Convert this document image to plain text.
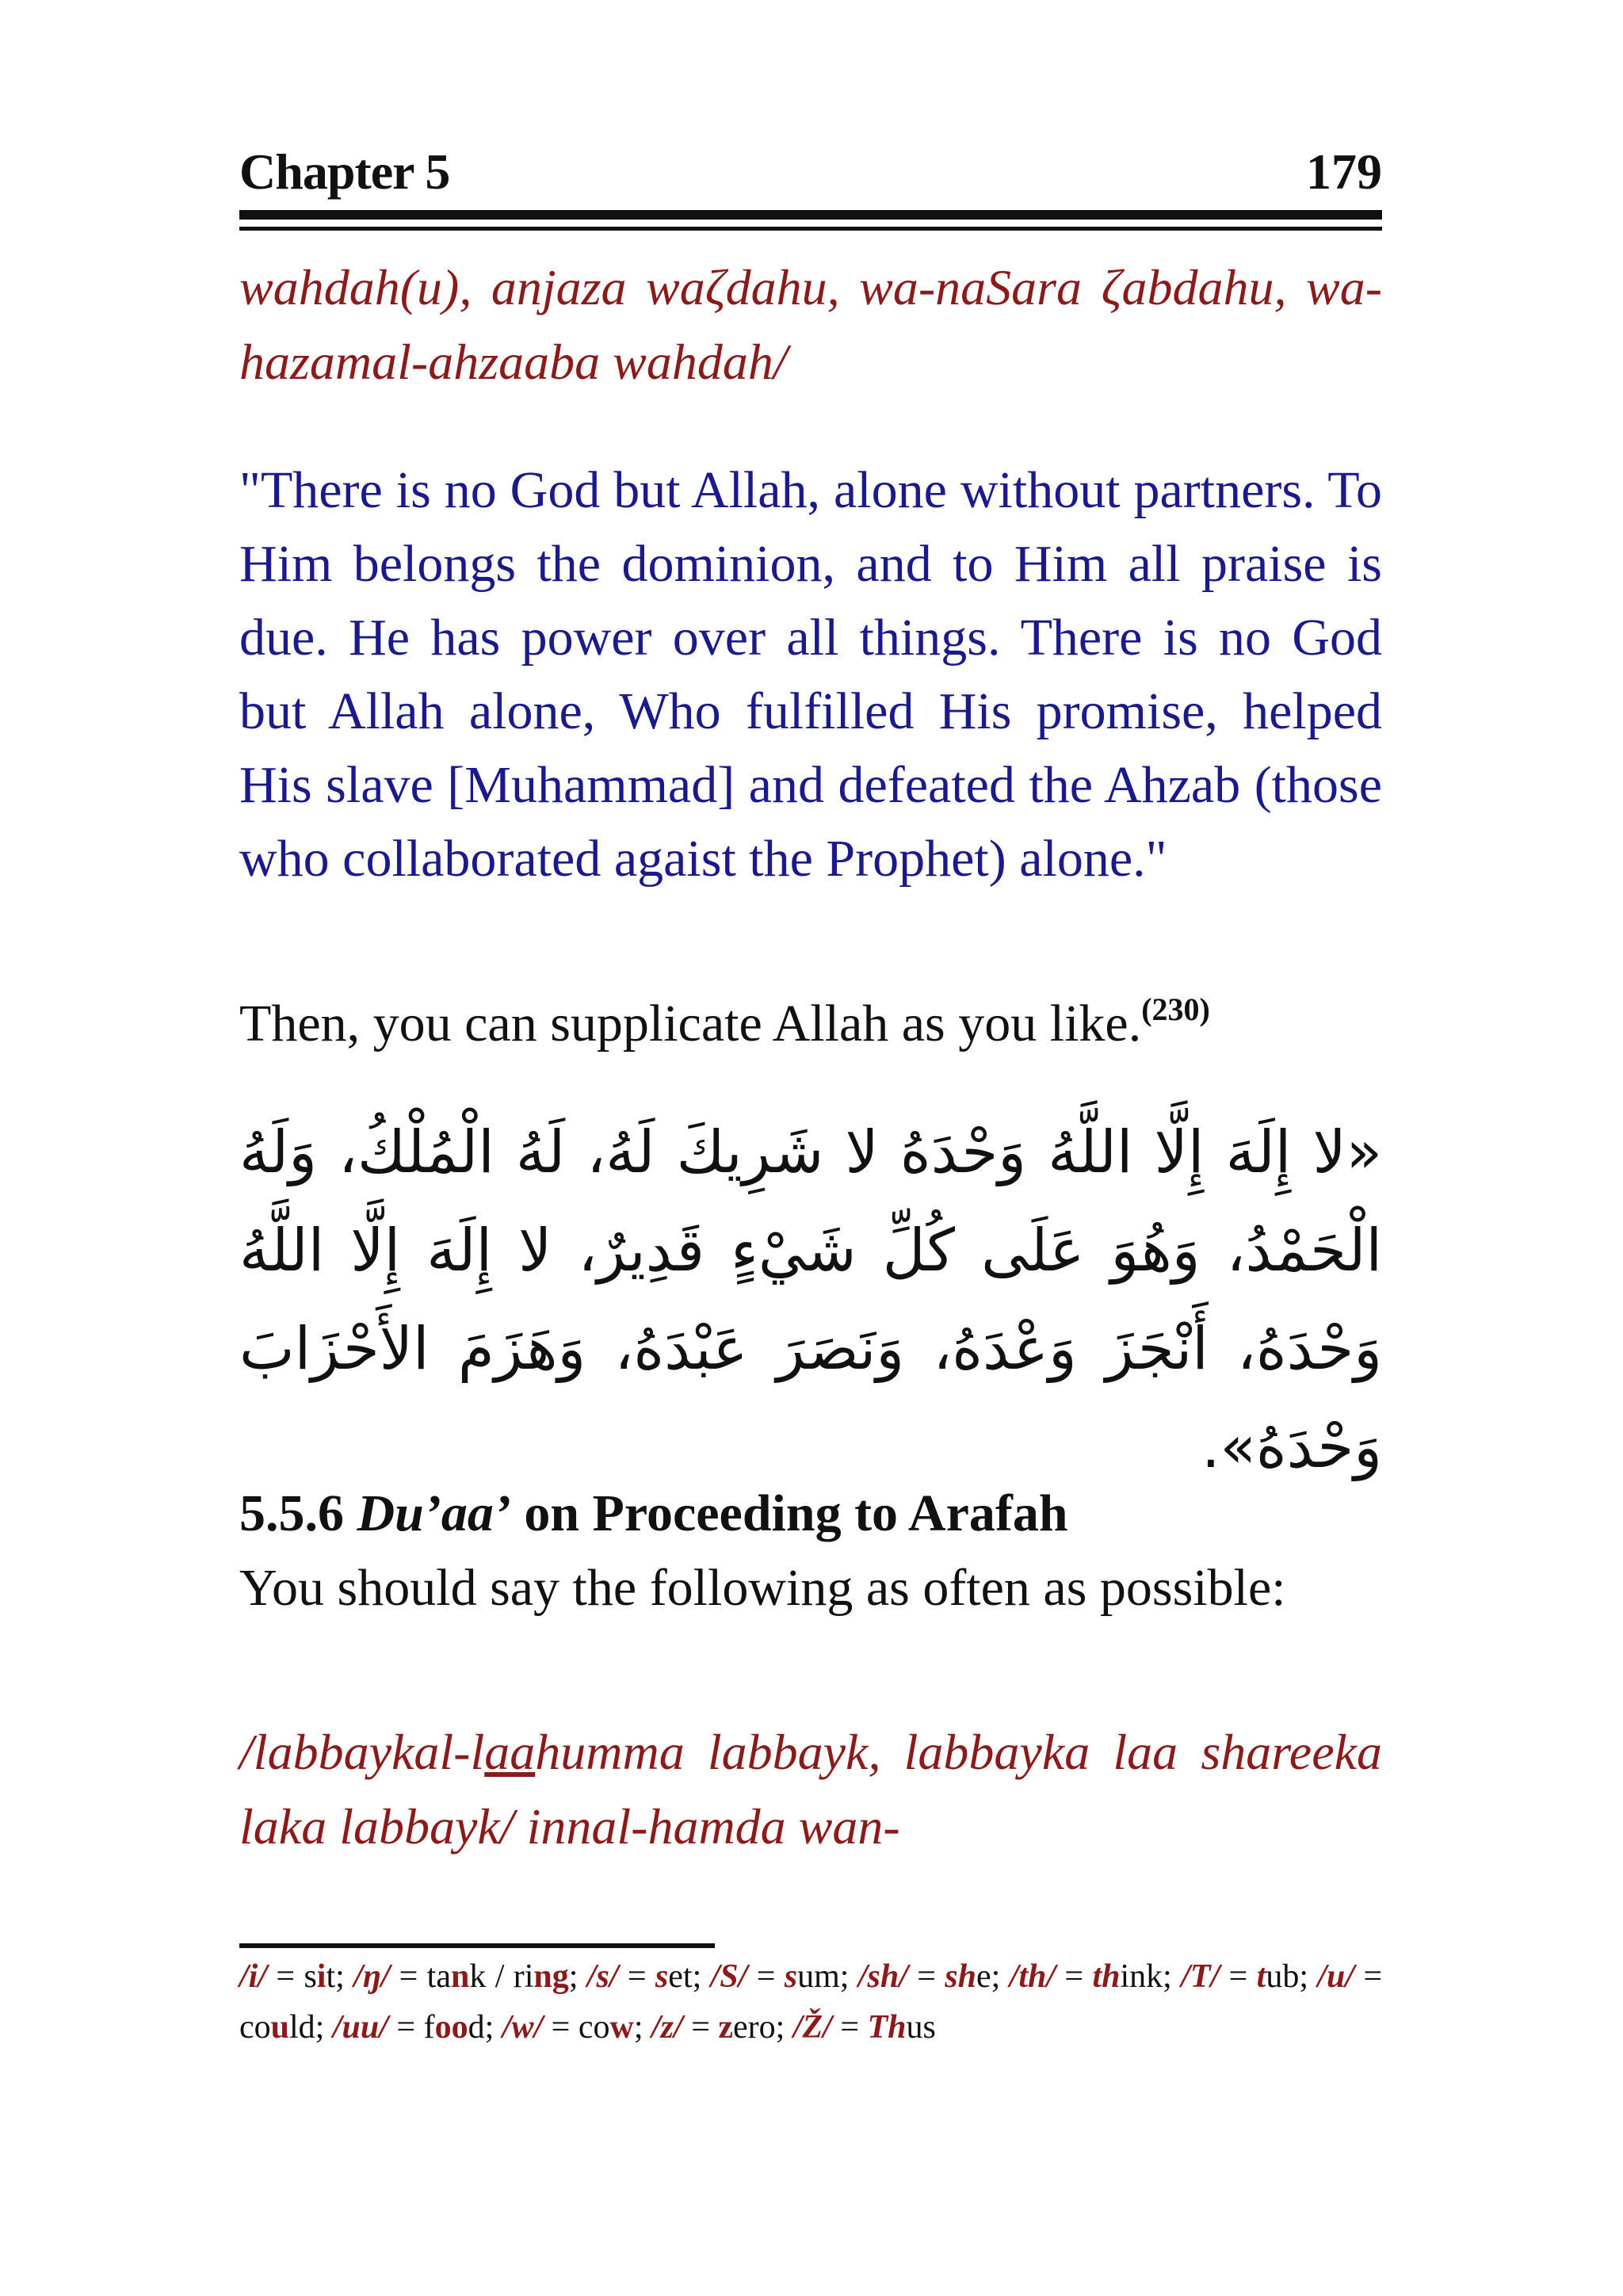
Chapter 5	179
wahdah(u), anjaza waζdahu, wa-naSara ζabdahu, wa-hazamal-ahzaaba wahdah/
"There is no God but Allah, alone without partners. To Him belongs the dominion, and to Him all praise is due. He has power over all things. There is no God but Allah alone, Who fulfilled His promise, helped His slave [Muhammad] and defeated the Ahzab (those who collaborated agaist the Prophet) alone."
Then, you can supplicate Allah as you like.$^{(230)}$
«لا إِلَهَ إِلَّا اللَّهُ وَحْدَهُ لا شَرِيكَ لَهُ، لَهُ الْمُلْكُ، وَلَهُ الْحَمْدُ، وَهُوَ عَلَى كُلِّ شَيْءٍ قَدِيرٌ، لا إِلَهَ إِلَّا اللَّهُ وَحْدَهُ، أَنْجَزَ وَعْدَهُ، وَنَصَرَ عَبْدَهُ، وَهَزَمَ الأَحْزَابَ وَحْدَهُ».
5.5.6 Du’aa’ on Proceeding to Arafah
You should say the following as often as possible:
/labbaykal-laahumma labbayk, labbayka laa shareeka laka labbayk/ innal-hamda wan-
/i/ = sit; /ŋ/ = tank / ring; /s/ = set; /S/ = sum; /sh/ = she; /th/ = think; /T/ = tub; /u/ = could; /uu/ = food; /w/ = cow; /z/ = zero; /Ž/ = Thus
